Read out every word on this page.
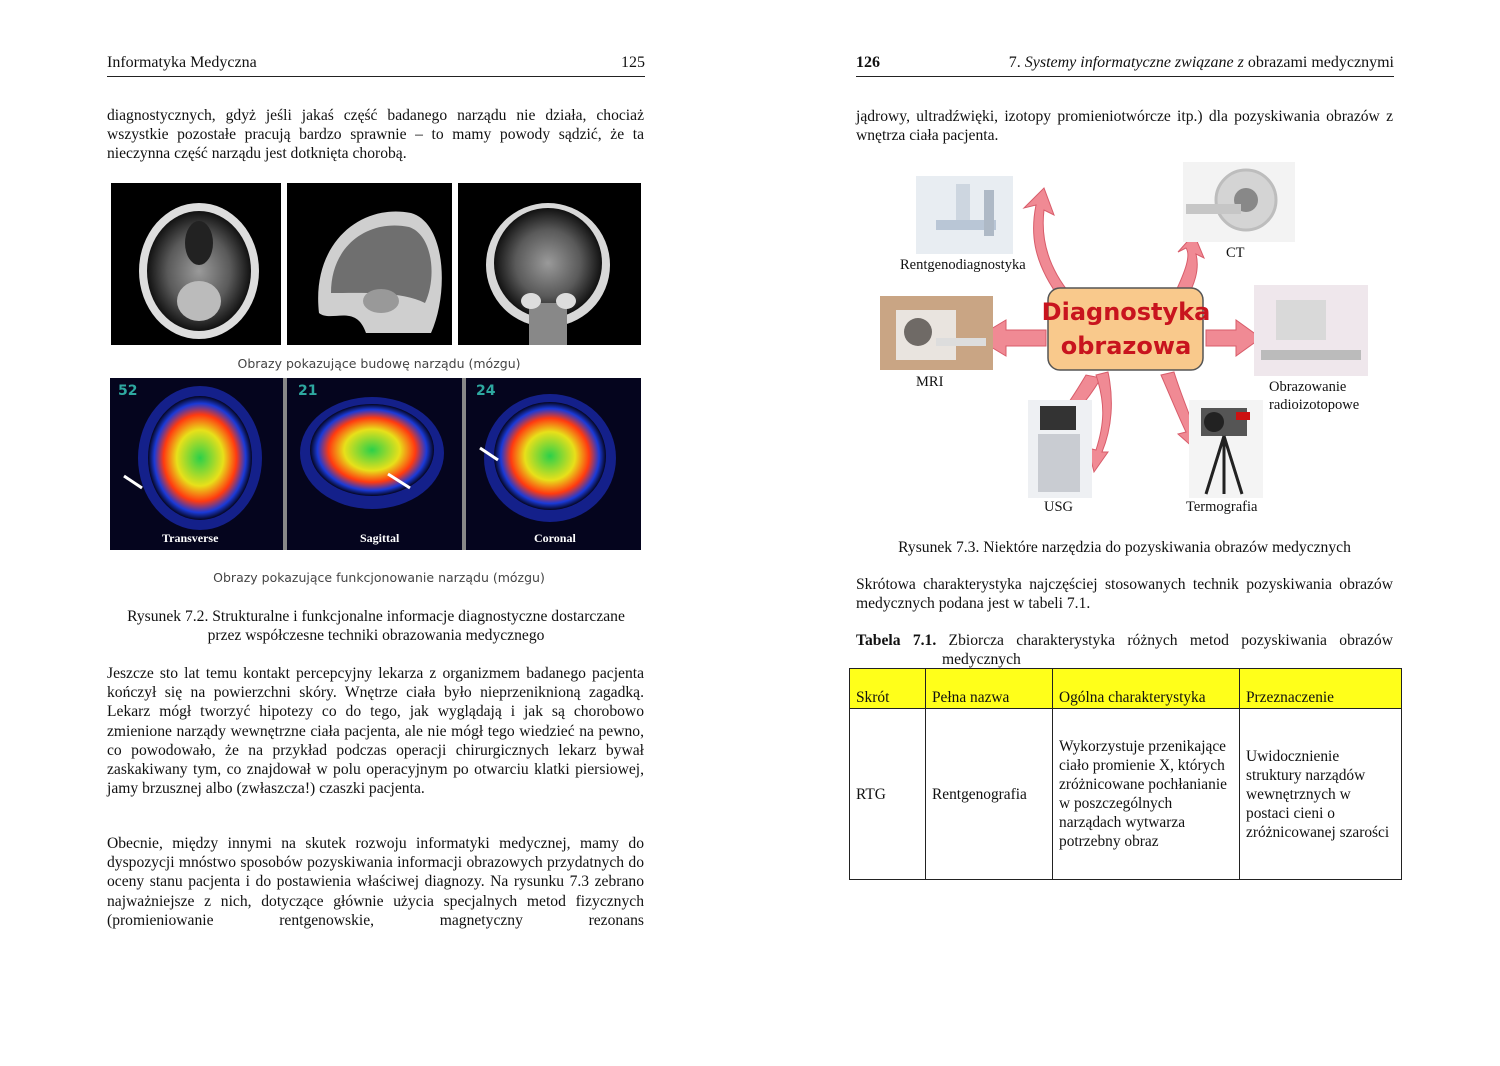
Informatyka Medyczna	125

diagnostycznych, gdyż jeśli jakaś część badanego narządu nie działa, chociaż wszystkie pozostałe pracują bardzo sprawnie – to mamy powody sądzić, że ta nieczynna część narządu jest dotknięta chorobą.

Obrazy pokazujące budowę narządu (mózgu)
52	21	24
Transverse	Sagittal	Coronal
Obrazy pokazujące funkcjonowanie narządu (mózgu)
Rysunek 7.2. Strukturalne i funkcjonalne informacje diagnostyczne dostarczane
przez współczesne techniki obrazowania medycznego

Jeszcze sto lat temu kontakt percepcyjny lekarza z organizmem badanego pacjenta kończył się na powierzchni skóry. Wnętrze ciała było nieprzeniknioną zagadką. Lekarz mógł tworzyć hipotezy co do tego, jak wyglądają i jak są chorobowo zmienione narządy wewnętrzne ciała pacjenta, ale nie mógł tego wiedzieć na pewno, co powodowało, że na przykład podczas operacji chirurgicznych lekarz bywał zaskakiwany tym, co znajdował w polu operacyjnym po otwarciu klatki piersiowej, jamy brzusznej albo (zwłaszcza!) czaszki pacjenta.

Obecnie, między innymi na skutek rozwoju informatyki medycznej, mamy do dyspozycji mnóstwo sposobów pozyskiwania informacji obrazowych przydatnych do oceny stanu pacjenta i do postawienia właściwej diagnozy. Na rysunku 7.3 zebrano najważniejsze z nich, dotyczące głównie użycia specjalnych metod fizycznych (promieniowanie rentgenowskie, magnetyczny rezonans

126	7. Systemy informatyczne związane z obrazami medycznymi

jądrowy, ultradźwięki, izotopy promieniotwórcze itp.) dla pozyskiwania obrazów z wnętrza ciała pacjenta.

Diagnostyka
obrazowa
Rentgenodiagnostyka
CT
MRI	Obrazowanie
radioizotopowe
USG	Termografia
Rysunek 7.3. Niektóre narzędzia do pozyskiwania obrazów medycznych

Skrótowa charakterystyka najczęściej stosowanych technik pozyskiwania obrazów medycznych podana jest w tabeli 7.1.

Tabela 7.1. Zbiorcza charakterystyka różnych metod pozyskiwania obrazów
medycznych
Skrót	Pełna nazwa	Ogólna charakterystyka	Przeznaczenie
RTG	Rentgenografia	Wykorzystuje przenikające ciało promienie X, których zróżnicowane pochłanianie w poszczególnych narządach wytwarza potrzebny obraz	Uwidocznienie struktury narządów wewnętrznych w postaci cieni o zróżnicowanej szarości
